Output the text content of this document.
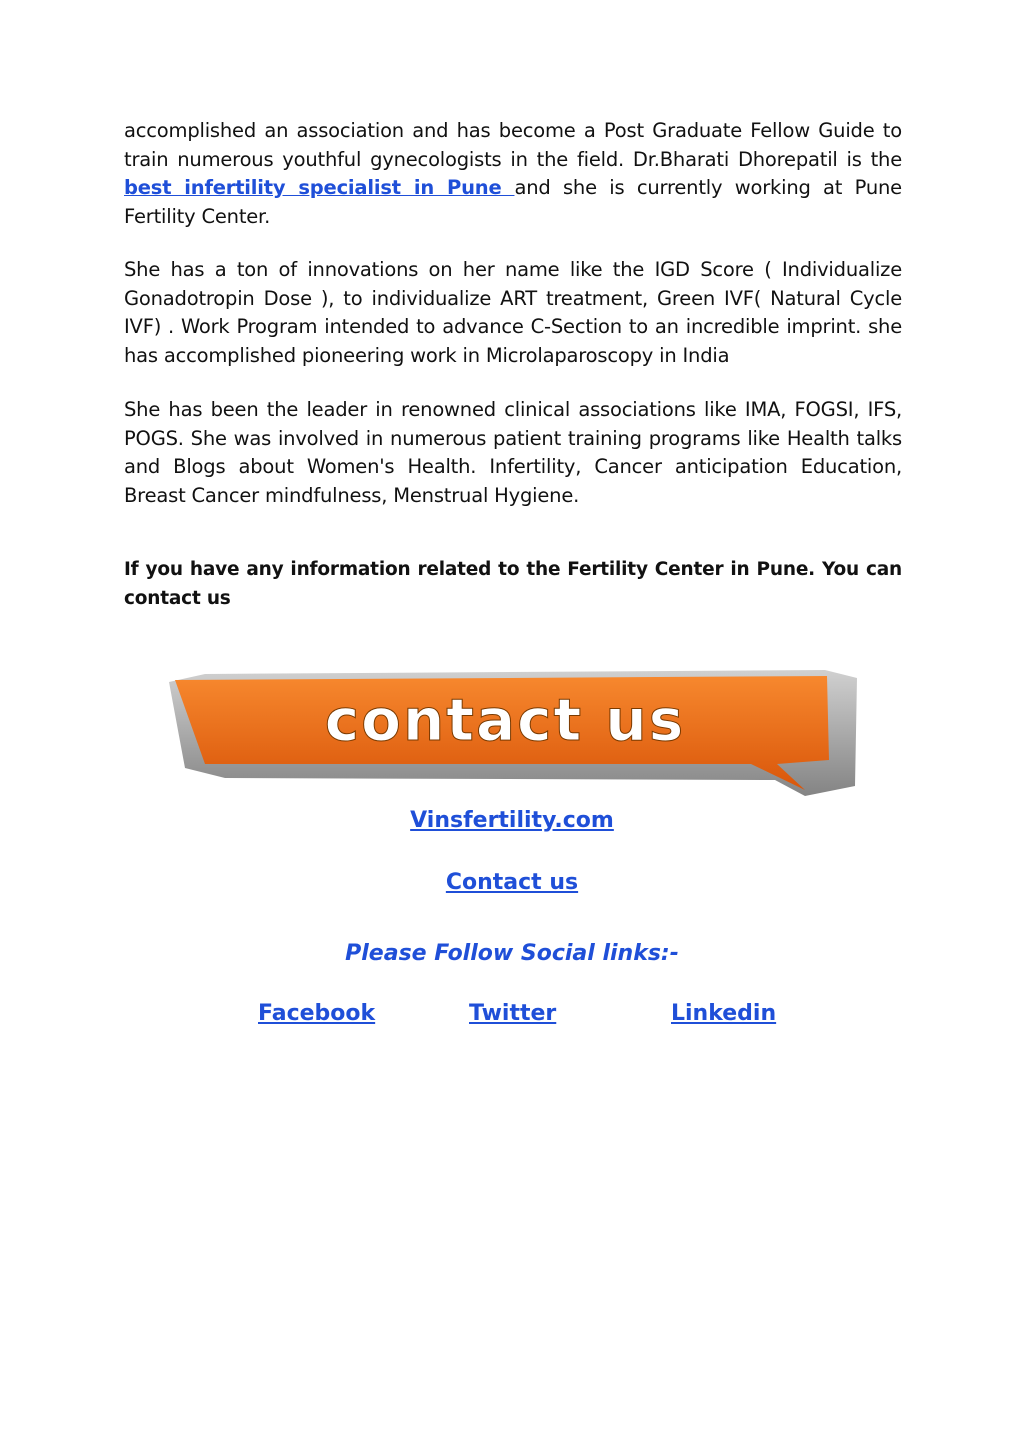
accomplished an association and has become a Post Graduate Fellow Guide to train numerous youthful gynecologists in the field. Dr.Bharati Dhorepatil is the best infertility specialist in Pune and she is currently working at Pune Fertility Center.

She has a ton of innovations on her name like the IGD Score ( Individualize Gonadotropin Dose ), to individualize ART treatment, Green IVF( Natural Cycle IVF) . Work Program intended to advance C-Section to an incredible imprint. she has accomplished pioneering work in Microlaparoscopy in India

She has been the leader in renowned clinical associations like IMA, FOGSI, IFS, POGS. She was involved in numerous patient training programs like Health talks and Blogs about Women's Health. Infertility, Cancer anticipation Education, Breast Cancer mindfulness, Menstrual Hygiene.

If you have any information related to the Fertility Center in Pune. You can contact us

contact us
Vinsfertility.com
Contact us
Please Follow Social links:-
Facebook	Twitter	Linkedin
